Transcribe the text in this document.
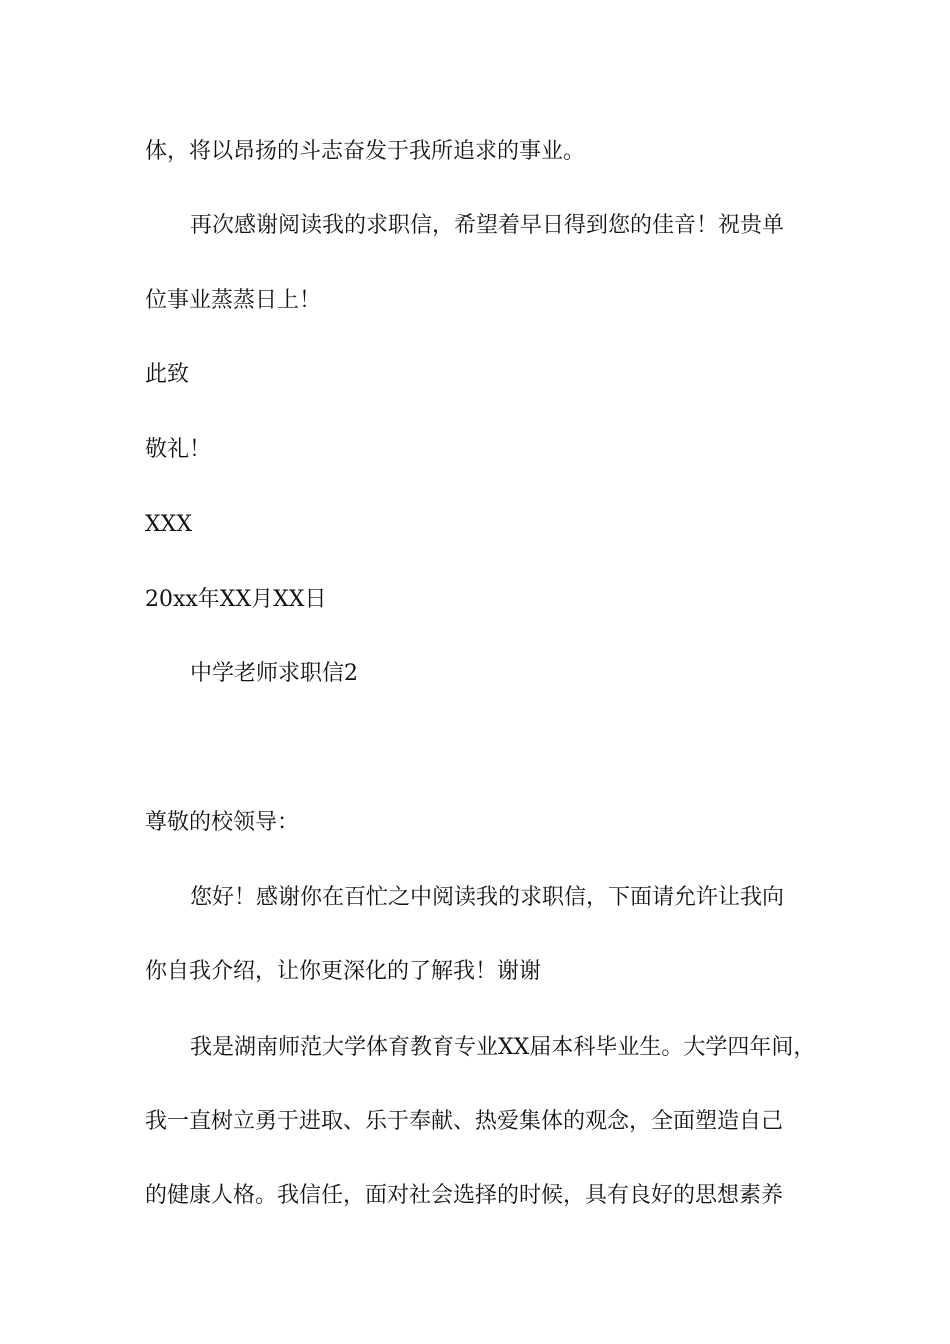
体，将以昂扬的斗志奋发于我所追求的事业。
再次感谢阅读我的求职信，希望着早日得到您的佳音！祝贵单
位事业蒸蒸日上！
此致
敬礼！
XXX
20xx年XX月XX日
中学老师求职信2
尊敬的校领导：
您好！感谢你在百忙之中阅读我的求职信，下面请允许让我向
你自我介绍，让你更深化的了解我！谢谢
我是湖南师范大学体育教育专业XX届本科毕业生。大学四年间，
我一直树立勇于进取、乐于奉献、热爱集体的观念，全面塑造自己
的健康人格。我信任，面对社会选择的时候，具有良好的思想素养
